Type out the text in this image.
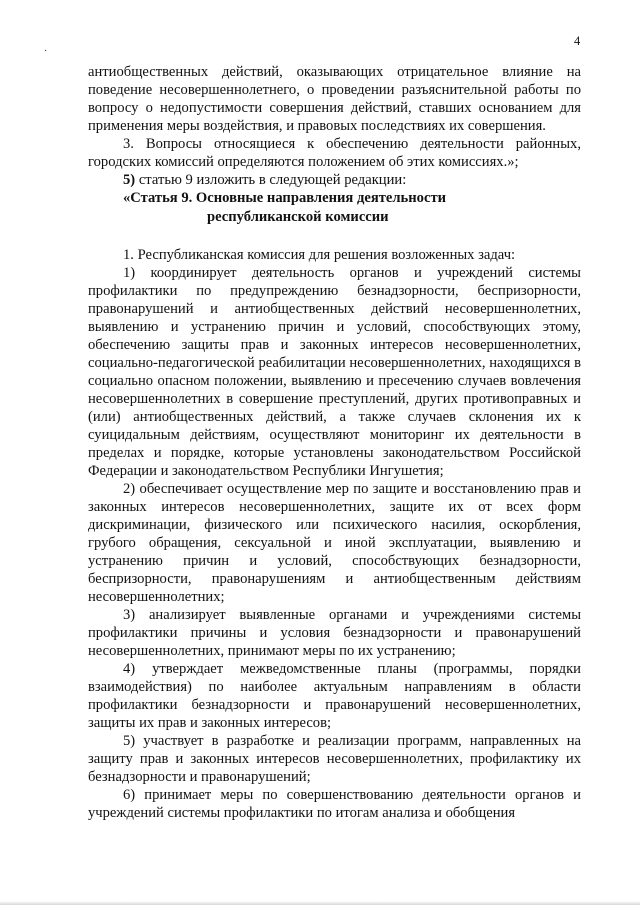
4
·

антиобщественных действий, оказывающих отрицательное влияние на поведение несовершеннолетнего, о проведении разъяснительной работы по вопросу о недопустимости совершения действий, ставших основанием для применения меры воздействия, и правовых последствиях их совершения.

3. Вопросы относящиеся к обеспечению деятельности районных, городских комиссий определяются положением об этих комиссиях.»;

5) статью 9 изложить в следующей редакции:

«Статья 9. Основные направления деятельности
республиканской комиссии

1. Республиканская комиссия для решения возложенных задач:

1) координирует деятельность органов и учреждений системы профилактики по предупреждению безнадзорности, беспризорности, правонарушений и антиобщественных действий несовершеннолетних, выявлению и устранению причин и условий, способствующих этому, обеспечению защиты прав и законных интересов несовершеннолетних, социально-педагогической реабилитации несовершеннолетних, находящихся в социально опасном положении, выявлению и пресечению случаев вовлечения несовершеннолетних в совершение преступлений, других противоправных и (или) антиобщественных действий, а также случаев склонения их к суицидальным действиям, осуществляют мониторинг их деятельности в пределах и порядке, которые установлены законодательством Российской Федерации и законодательством Республики Ингушетия;

2) обеспечивает осуществление мер по защите и восстановлению прав и законных интересов несовершеннолетних, защите их от всех форм дискриминации, физического или психического насилия, оскорбления, грубого обращения, сексуальной и иной эксплуатации, выявлению и устранению причин и условий, способствующих безнадзорности, беспризорности, правонарушениям и антиобщественным действиям несовершеннолетних;

3) анализирует выявленные органами и учреждениями системы профилактики причины и условия безнадзорности и правонарушений несовершеннолетних, принимают меры по их устранению;

4) утверждает межведомственные планы (программы, порядки взаимодействия) по наиболее актуальным направлениям в области профилактики безнадзорности и правонарушений несовершеннолетних, защиты их прав и законных интересов;

5) участвует в разработке и реализации программ, направленных на защиту прав и законных интересов несовершеннолетних, профилактику их безнадзорности и правонарушений;

6) принимает меры по совершенствованию деятельности органов и учреждений системы профилактики по итогам анализа и обобщения
